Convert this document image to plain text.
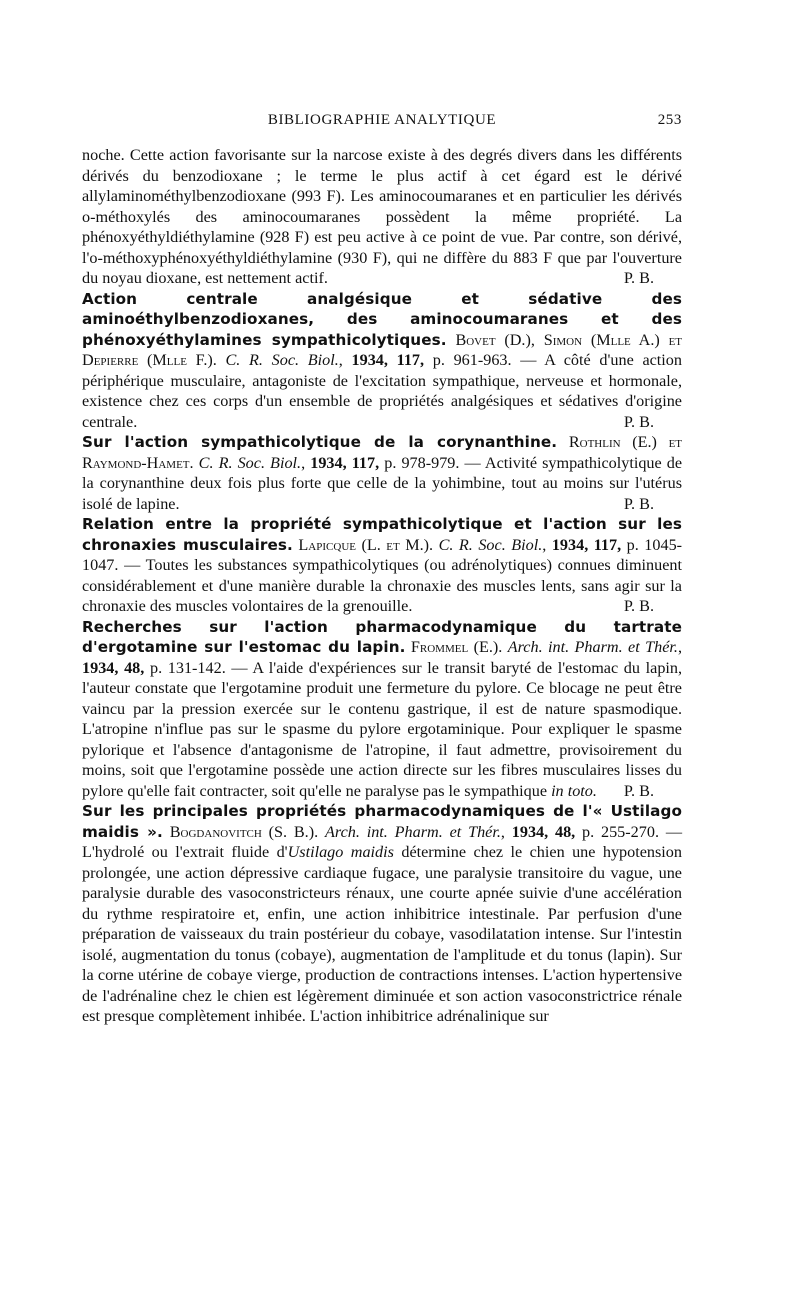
BIBLIOGRAPHIE ANALYTIQUE	253

noche. Cette action favorisante sur la narcose existe à des degrés divers dans les différents dérivés du benzodioxane ; le terme le plus actif à cet égard est le dérivé allylaminométhylbenzodioxane (993 F). Les aminocoumaranes et en particulier les dérivés o-méthoxylés des aminocoumaranes possèdent la même propriété. La phénoxyéthyldiéthylamine (928 F) est peu active à ce point de vue. Par contre, son dérivé, l'o-méthoxyphénoxyéthyldiéthylamine (930 F), qui ne diffère du 883 F que par l'ouverture du noyau dioxane, est nettement actif.	P. B.

Action centrale analgésique et sédative des aminoéthylbenzodioxanes, des aminocoumaranes et des phénoxyéthylamines sympathicolytiques. Bovet (D.), Simon (Mlle A.) et Depierre (Mlle F.). C. R. Soc. Biol., 1934, 117, p. 961-963. — A côté d'une action périphérique musculaire, antagoniste de l'excitation sympathique, nerveuse et hormonale, existence chez ces corps d'un ensemble de propriétés analgésiques et sédatives d'origine centrale.	P. B.

Sur l'action sympathicolytique de la corynanthine. Rothlin (E.) et Raymond-Hamet. C. R. Soc. Biol., 1934, 117, p. 978-979. — Activité sympathicolytique de la corynanthine deux fois plus forte que celle de la yohimbine, tout au moins sur l'utérus isolé de lapine.	P. B.

Relation entre la propriété sympathicolytique et l'action sur les chronaxies musculaires. Lapicque (L. et M.). C. R. Soc. Biol., 1934, 117, p. 1045-1047. — Toutes les substances sympathicolytiques (ou adrénolytiques) connues diminuent considérablement et d'une manière durable la chronaxie des muscles lents, sans agir sur la chronaxie des muscles volontaires de la grenouille.	P. B.

Recherches sur l'action pharmacodynamique du tartrate d'ergotamine sur l'estomac du lapin. Frommel (E.). Arch. int. Pharm. et Thér., 1934, 48, p. 131-142. — A l'aide d'expériences sur le transit baryté de l'estomac du lapin, l'auteur constate que l'ergotamine produit une fermeture du pylore. Ce blocage ne peut être vaincu par la pression exercée sur le contenu gastrique, il est de nature spasmodique. L'atropine n'influe pas sur le spasme du pylore ergotaminique. Pour expliquer le spasme pylorique et l'absence d'antagonisme de l'atropine, il faut admettre, provisoirement du moins, soit que l'ergotamine possède une action directe sur les fibres musculaires lisses du pylore qu'elle fait contracter, soit qu'elle ne paralyse pas le sympathique in toto. P. B.

Sur les principales propriétés pharmacodynamiques de l'« Ustilago maidis ». Bogdanovitch (S. B.). Arch. int. Pharm. et Thér., 1934, 48, p. 255-270. — L'hydrolé ou l'extrait fluide d'Ustilago maidis détermine chez le chien une hypotension prolongée, une action dépressive cardiaque fugace, une paralysie transitoire du vague, une paralysie durable des vasoconstricteurs rénaux, une courte apnée suivie d'une accélération du rythme respiratoire et, enfin, une action inhibitrice intestinale. Par perfusion d'une préparation de vaisseaux du train postérieur du cobaye, vasodilatation intense. Sur l'intestin isolé, augmentation du tonus (cobaye), augmentation de l'amplitude et du tonus (lapin). Sur la corne utérine de cobaye vierge, production de contractions intenses. L'action hypertensive de l'adrénaline chez le chien est légèrement diminuée et son action vasoconstrictrice rénale est presque complètement inhibée. L'action inhibitrice adrénalinique sur
